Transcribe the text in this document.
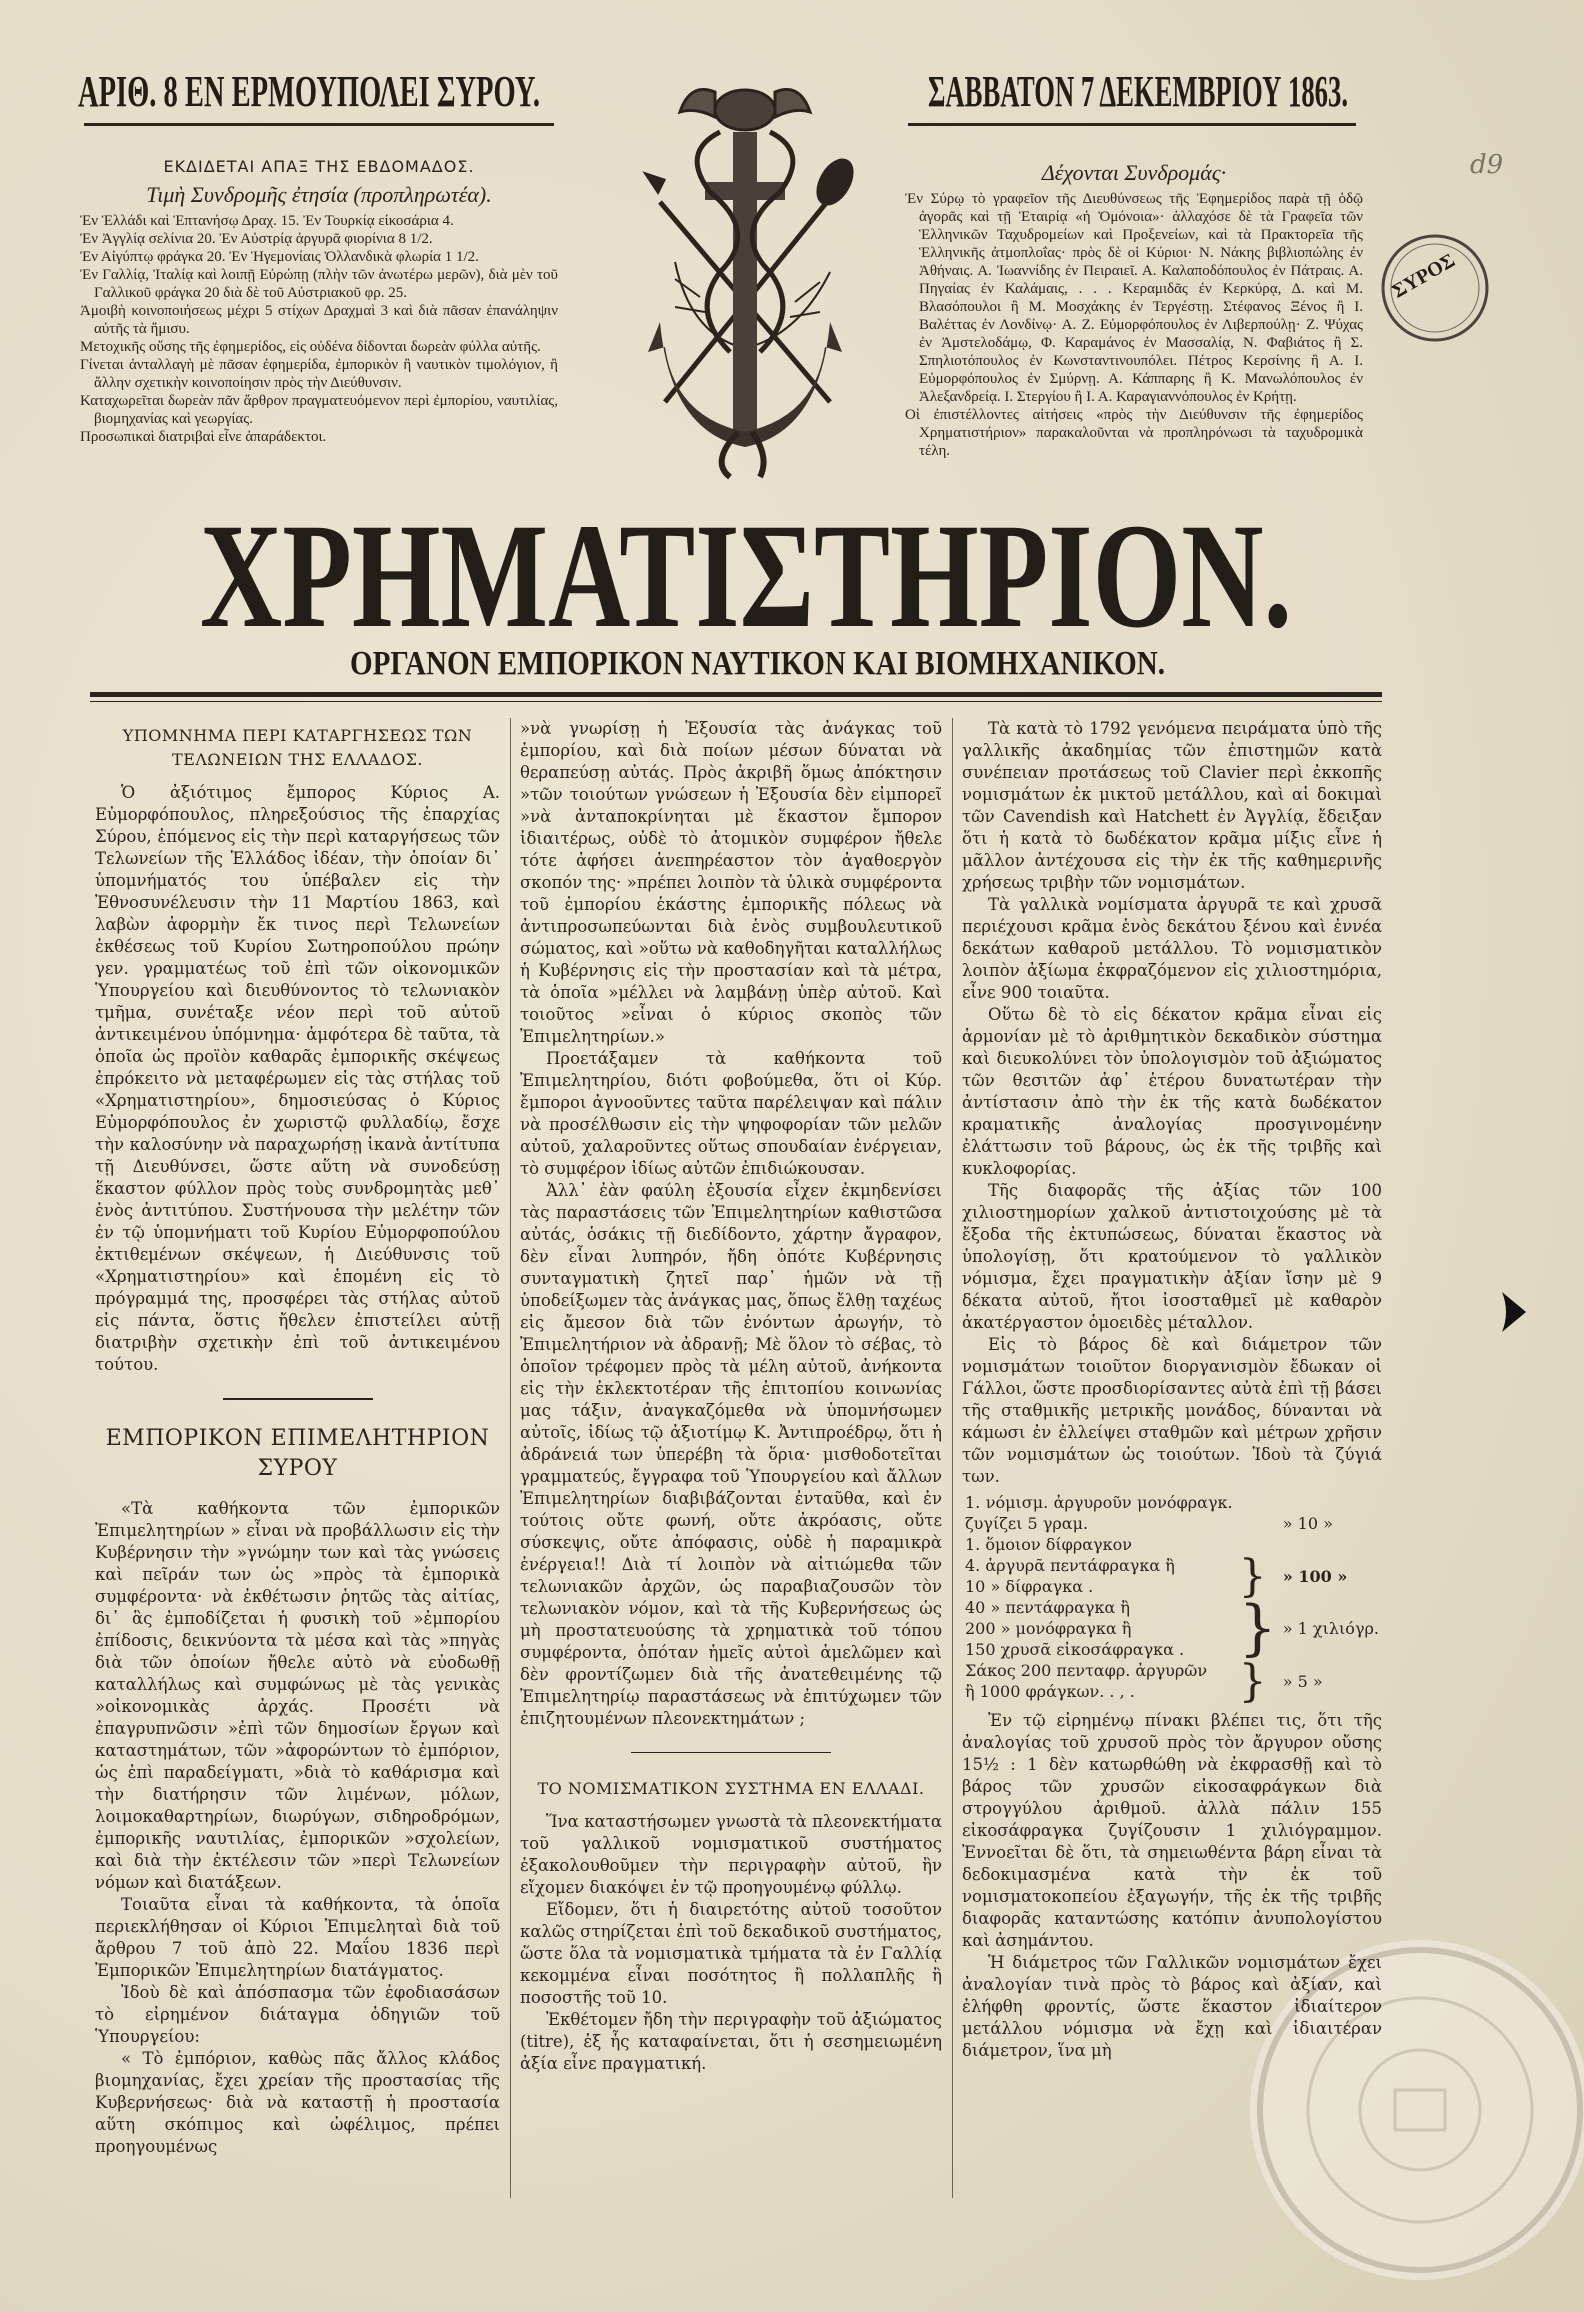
ΑΡΙΘ. 8 ΕΝ ΕΡΜΟΥΠΟΛΕΙ ΣΥΡΟΥ.	ΣΑΒΒΑΤΟΝ 7 ΔΕΚΕΜΒΡΙΟΥ 1863.
d9
ΕΚΔΙΔΕΤΑΙ ΑΠΑΞ ΤΗΣ ΕΒΔΟΜΑΔΟΣ.
Τιμὴ Συνδρομῆς ἐτησία (προπληρωτέα).

Ἐν Ἑλλάδι καὶ Ἑπτανήσῳ Δραχ. 15. Ἐν Τουρκίᾳ εἰκοσάρια 4.

Ἐν Ἀγγλίᾳ σελίνια 20. Ἐν Αὐστρίᾳ ἀργυρᾶ φιορίνια 8 1/2.

Ἐν Αἰγύπτῳ φράγκα 20. Ἐν Ἡγεμονίαις Ὀλλανδικὰ φλωρία 1 1/2.

Ἐν Γαλλίᾳ, Ἰταλίᾳ καὶ λοιπῇ Εὐρώπῃ (πλὴν τῶν ἀνωτέρω μερῶν), διὰ μὲν τοῦ Γαλλικοῦ φράγκα 20 διὰ δὲ τοῦ Αὐστριακοῦ φρ. 25.

Ἀμοιβὴ κοινοποιήσεως μέχρι 5 στίχων Δραχμαὶ 3 καὶ διὰ πᾶσαν ἐπανάληψιν αὐτῆς τὰ ἥμισυ.

Μετοχικῆς οὔσης τῆς ἐφημερίδος, εἰς οὐδένα δίδονται δωρεὰν φύλλα αὐτῆς.

Γίνεται ἀνταλλαγὴ μὲ πᾶσαν ἐφημερίδα, ἐμπορικὸν ἢ ναυτικὸν τιμολόγιον, ἢ ἄλλην σχετικὴν κοινοποίησιν πρὸς τὴν Διεύθυνσιν.

Καταχωρεῖται δωρεὰν πᾶν ἄρθρον πραγματευόμενον περὶ ἐμπορίου, ναυτιλίας, βιομηχανίας καὶ γεωργίας.

Προσωπικαὶ διατριβαὶ εἶνε ἀπαράδεκτοι.

Δέχονται Συνδρομάς·

Ἐν Σύρῳ τὸ γραφεῖον τῆς Διευθύνσεως τῆς Ἐφημερίδος παρὰ τῇ ὁδῷ ἀγορᾶς καὶ τῇ Ἑταιρίᾳ «ἡ Ὁμόνοια»· ἀλλαχόσε δὲ τὰ Γραφεῖα τῶν Ἑλληνικῶν Ταχυδρομείων καὶ Προξενείων, καὶ τὰ Πρακτορεῖα τῆς Ἑλληνικῆς ἀτμοπλοΐας· πρὸς δὲ οἱ Κύριοι· Ν. Νάκης βιβλιοπώλης ἐν Ἀθήναις. Α. Ἰωαννίδης ἐν Πειραιεῖ. Α. Καλαποδόπουλος ἐν Πάτραις. Α. Πηγαίας ἐν Καλάμαις, . . . Κεραμιδᾶς ἐν Κερκύρᾳ, Δ. καὶ Μ. Βλασόπουλοι ἢ Μ. Μοσχάκης ἐν Τεργέστῃ. Στέφανος Ξένος ἢ Ι. Βαλέττας ἐν Λονδίνῳ· Α. Ζ. Εὐμορφόπουλος ἐν Λιβερπούλῃ· Ζ. Ψύχας ἐν Ἀμστελοδάμῳ, Φ. Καραμάνος ἐν Μασσαλίᾳ, Ν. Φαβιάτος ἢ Σ. Σπηλιοτόπουλος ἐν Κωνσταντινουπόλει. Πέτρος Κερσίνης ἢ Α. Ι. Εὐμορφόπουλος ἐν Σμύρνῃ. Α. Κάππαρης ἢ Κ. Μανωλόπουλος ἐν Ἀλεξανδρείᾳ. Ι. Στεργίου ἢ Ι. Α. Καραγιαννόπουλος ἐν Κρήτῃ.

Οἱ ἐπιστέλλοντες αἰτήσεις «πρὸς τὴν Διεύθυνσιν τῆς ἐφημερίδος Χρηματιστήριον» παρακαλοῦνται νὰ προπληρόνωσι τὰ ταχυδρομικὰ τέλη.

ΣΥΡΟΣ
ΧΡΗΜΑΤΙΣΤΗΡΙΟΝ.
ΟΡΓΑΝΟΝ ΕΜΠΟΡΙΚΟΝ ΝΑΥΤΙΚΟΝ ΚΑΙ ΒΙΟΜΗΧΑΝΙΚΟΝ.
ΥΠΟΜΝΗΜΑ ΠΕΡΙ ΚΑΤΑΡΓΗΣΕΩΣ ΤΩΝ ΤΕΛΩΝΕΙΩΝ ΤΗΣ ΕΛΛΑΔΟΣ.

Ὁ ἀξιότιμος ἔμπορος Κύριος Α. Εὐμορφόπουλος, πληρεξούσιος τῆς ἐπαρχίας Σύρου, ἑπόμενος εἰς τὴν περὶ καταργήσεως τῶν Τελωνείων τῆς Ἑλλάδος ἰδέαν, τὴν ὁποίαν δι᾽ ὑπομνήματός του ὑπέβαλεν εἰς τὴν Ἐθνοσυνέλευσιν τὴν 11 Μαρτίου 1863, καὶ λαβὼν ἀφορμὴν ἔκ τινος περὶ Τελωνείων ἐκθέσεως τοῦ Κυρίου Σωτηροπούλου πρώην γεν. γραμματέως τοῦ ἐπὶ τῶν οἰκονομικῶν Ὑπουργείου καὶ διευθύνοντος τὸ τελωνιακὸν τμῆμα, συνέταξε νέον περὶ τοῦ αὐτοῦ ἀντικειμένου ὑπόμνημα· ἀμφότερα δὲ ταῦτα, τὰ ὁποῖα ὡς προϊὸν καθαρᾶς ἐμπορικῆς σκέψεως ἐπρόκειτο νὰ μεταφέρωμεν εἰς τὰς στήλας τοῦ «Χρηματιστηρίου», δημοσιεύσας ὁ Κύριος Εὐμορφόπουλος ἐν χωριστῷ φυλλαδίῳ, ἔσχε τὴν καλοσύνην νὰ παραχωρήσῃ ἱκανὰ ἀντίτυπα τῇ Διευθύνσει, ὥστε αὕτη νὰ συνοδεύσῃ ἕκαστον φύλλον πρὸς τοὺς συνδρομητὰς μεθ᾽ ἑνὸς ἀντιτύπου. Συστήνουσα τὴν μελέτην τῶν ἐν τῷ ὑπομνήματι τοῦ Κυρίου Εὐμορφοπούλου ἐκτιθεμένων σκέψεων, ἡ Διεύθυνσις τοῦ «Χρηματιστηρίου» καὶ ἑπομένη εἰς τὸ πρόγραμμά της, προσφέρει τὰς στήλας αὐτοῦ εἰς πάντα, ὅστις ἤθελεν ἐπιστείλει αὐτῇ διατριβὴν σχετικὴν ἐπὶ τοῦ ἀντικειμένου τούτου.

ΕΜΠΟΡΙΚΟΝ ΕΠΙΜΕΛΗΤΗΡΙΟΝ ΣΥΡΟΥ

«Τὰ καθήκοντα τῶν ἐμπορικῶν Ἐπιμελητηρίων » εἶναι νὰ προβάλλωσιν εἰς τὴν Κυβέρνησιν τὴν »γνώμην των καὶ τὰς γνώσεις καὶ πεῖράν των ὡς »πρὸς τὰ ἐμπορικὰ συμφέροντα· νὰ ἐκθέτωσιν ῥητῶς τὰς αἰτίας, δι᾽ ἃς ἐμποδίζεται ἡ φυσικὴ τοῦ »ἐμπορίου ἐπίδοσις, δεικνύοντα τὰ μέσα καὶ τὰς »πηγὰς διὰ τῶν ὁποίων ἤθελε αὐτὸ νὰ εὐοδωθῇ καταλλήλως καὶ συμφώνως μὲ τὰς γενικὰς »οἰκονομικὰς ἀρχάς. Προσέτι νὰ ἐπαγρυπνῶσιν »ἐπὶ τῶν δημοσίων ἔργων καὶ καταστημάτων, τῶν »ἀφορώντων τὸ ἐμπόριον, ὡς ἐπὶ παραδείγματι, »διὰ τὸ καθάρισμα καὶ τὴν διατήρησιν τῶν λιμένων, μόλων, λοιμοκαθαρτηρίων, διωρύγων, σιδηροδρόμων, ἐμπορικῆς ναυτιλίας, ἐμπορικῶν »σχολείων, καὶ διὰ τὴν ἐκτέλεσιν τῶν »περὶ Τελωνείων νόμων καὶ διατάξεων.

Τοιαῦτα εἶναι τὰ καθήκοντα, τὰ ὁποῖα περιεκλήθησαν οἱ Κύριοι Ἐπιμεληταὶ διὰ τοῦ ἄρθρου 7 τοῦ ἀπὸ 22. Μαΐου 1836 περὶ Ἐμπορικῶν Ἐπιμελητηρίων διατάγματος.

Ἰδοὺ δὲ καὶ ἀπόσπασμα τῶν ἐφοδιασάσων τὸ εἰρημένον διάταγμα ὁδηγιῶν τοῦ Ὑπουργείου:

« Τὸ ἐμπόριον, καθὼς πᾶς ἄλλος κλάδος βιομηχανίας, ἔχει χρείαν τῆς προστασίας τῆς Κυβερνήσεως· διὰ νὰ καταστῇ ἡ προστασία αὕτη σκόπιμος καὶ ὠφέλιμος, πρέπει προηγουμένως

»νὰ γνωρίσῃ ἡ Ἐξουσία τὰς ἀνάγκας τοῦ ἐμπορίου, καὶ διὰ ποίων μέσων δύναται νὰ θεραπεύσῃ αὐτάς. Πρὸς ἀκριβῆ ὅμως ἀπόκτησιν »τῶν τοιούτων γνώσεων ἡ Ἐξουσία δὲν εἰμπορεῖ »νὰ ἀνταποκρίνηται μὲ ἕκαστον ἔμπορον ἰδιαιτέρως, οὐδὲ τὸ ἀτομικὸν συμφέρον ἤθελε τότε ἀφήσει ἀνεπηρέαστον τὸν ἀγαθοεργὸν σκοπόν της· »πρέπει λοιπὸν τὰ ὑλικὰ συμφέροντα τοῦ ἐμπορίου ἑκάστης ἐμπορικῆς πόλεως νὰ ἀντιπροσωπεύωνται διὰ ἑνὸς συμβουλευτικοῦ σώματος, καὶ »οὕτω νὰ καθοδηγῆται καταλλήλως ἡ Κυβέρνησις εἰς τὴν προστασίαν καὶ τὰ μέτρα, τὰ ὁποῖα »μέλλει νὰ λαμβάνῃ ὑπὲρ αὐτοῦ. Καὶ τοιοῦτος »εἶναι ὁ κύριος σκοπὸς τῶν Ἐπιμελητηρίων.»

Προετάξαμεν τὰ καθήκοντα τοῦ Ἐπιμελητηρίου, διότι φοβούμεθα, ὅτι οἱ Κύρ. ἔμποροι ἀγνοοῦντες ταῦτα παρέλειψαν καὶ πάλιν νὰ προσέλθωσιν εἰς τὴν ψηφοφορίαν τῶν μελῶν αὐτοῦ, χαλαροῦντες οὕτως σπουδαίαν ἐνέργειαν, τὸ συμφέρον ἰδίως αὐτῶν ἐπιδιώκουσαν.

Ἀλλ᾽ ἐὰν φαύλη ἐξουσία εἶχεν ἐκμηδενίσει τὰς παραστάσεις τῶν Ἐπιμελητηρίων καθιστῶσα αὐτάς, ὁσάκις τῇ διεδίδοντο, χάρτην ἄγραφον, δὲν εἶναι λυπηρόν, ἤδη ὁπότε Κυβέρνησις συνταγματικὴ ζητεῖ παρ᾽ ἡμῶν νὰ τῇ ὑποδείξωμεν τὰς ἀνάγκας μας, ὅπως ἔλθῃ ταχέως εἰς ἄμεσον διὰ τῶν ἐνόντων ἀρωγήν, τὸ Ἐπιμελητήριον νὰ ἀδρανῇ; Μὲ ὅλον τὸ σέβας, τὸ ὁποῖον τρέφομεν πρὸς τὰ μέλη αὐτοῦ, ἀνήκοντα εἰς τὴν ἐκλεκτοτέραν τῆς ἐπιτοπίου κοινωνίας μας τάξιν, ἀναγκαζόμεθα νὰ ὑπομνήσωμεν αὐτοῖς, ἰδίως τῷ ἀξιοτίμῳ Κ. Ἀντιπροέδρῳ, ὅτι ἡ ἀδράνειά των ὑπερέβη τὰ ὅρια· μισθοδοτεῖται γραμματεύς, ἔγγραφα τοῦ Ὑπουργείου καὶ ἄλλων Ἐπιμελητηρίων διαβιβάζονται ἐνταῦθα, καὶ ἐν τούτοις οὔτε φωνή, οὔτε ἀκρόασις, οὔτε σύσκεψις, οὔτε ἀπόφασις, οὐδὲ ἡ παραμικρὰ ἐνέργεια!! Διὰ τί λοιπὸν νὰ αἰτιώμεθα τῶν τελωνιακῶν ἀρχῶν, ὡς παραβιαζουσῶν τὸν τελωνιακὸν νόμον, καὶ τὰ τῆς Κυβερνήσεως ὡς μὴ προστατευούσης τὰ χρηματικὰ τοῦ τόπου συμφέροντα, ὁπόταν ἡμεῖς αὐτοὶ ἀμελῶμεν καὶ δὲν φροντίζωμεν διὰ τῆς ἀνατεθειμένης τῷ Ἐπιμελητηρίῳ παραστάσεως νὰ ἐπιτύχωμεν τῶν ἐπιζητουμένων πλεονεκτημάτων ;

ΤΟ ΝΟΜΙΣΜΑΤΙΚΟΝ ΣΥΣΤΗΜΑ ΕΝ ΕΛΛΑΔΙ.

Ἵνα καταστήσωμεν γνωστὰ τὰ πλεονεκτήματα τοῦ γαλλικοῦ νομισματικοῦ συστήματος ἐξακολουθοῦμεν τὴν περιγραφὴν αὐτοῦ, ἣν εἴχομεν διακόψει ἐν τῷ προηγουμένῳ φύλλῳ.

Εἴδομεν, ὅτι ἡ διαιρετότης αὐτοῦ τοσοῦτον καλῶς στηρίζεται ἐπὶ τοῦ δεκαδικοῦ συστήματος, ὥστε ὅλα τὰ νομισματικὰ τμήματα τὰ ἐν Γαλλίᾳ κεκομμένα εἶναι ποσότητος ἢ πολλαπλῆς ἢ ποσοστῆς τοῦ 10.

Ἐκθέτομεν ἤδη τὴν περιγραφὴν τοῦ ἀξιώματος (titre), ἐξ ἧς καταφαίνεται, ὅτι ἡ σεσημειωμένη ἀξία εἶνε πραγματική.

Τὰ κατὰ τὸ 1792 γενόμενα πειράματα ὑπὸ τῆς γαλλικῆς ἀκαδημίας τῶν ἐπιστημῶν κατὰ συνέπειαν προτάσεως τοῦ Clavier περὶ ἐκκοπῆς νομισμάτων ἐκ μικτοῦ μετάλλου, καὶ αἱ δοκιμαὶ τῶν Cavendish καὶ Hatchett ἐν Ἀγγλίᾳ, ἔδειξαν ὅτι ἡ κατὰ τὸ δωδέκατον κρᾶμα μίξις εἶνε ἡ μᾶλλον ἀντέχουσα εἰς τὴν ἐκ τῆς καθημερινῆς χρήσεως τριβὴν τῶν νομισμάτων.

Τὰ γαλλικὰ νομίσματα ἀργυρᾶ τε καὶ χρυσᾶ περιέχουσι κρᾶμα ἑνὸς δεκάτου ξένου καὶ ἐννέα δεκάτων καθαροῦ μετάλλου. Τὸ νομισματικὸν λοιπὸν ἀξίωμα ἐκφραζόμενον εἰς χιλιοστημόρια, εἶνε 900 τοιαῦτα.

Οὕτω δὲ τὸ εἰς δέκατον κρᾶμα εἶναι εἰς ἁρμονίαν μὲ τὸ ἀριθμητικὸν δεκαδικὸν σύστημα καὶ διευκολύνει τὸν ὑπολογισμὸν τοῦ ἀξιώματος τῶν θεσιτῶν ἀφ᾽ ἑτέρου δυνατωτέραν τὴν ἀντίστασιν ἀπὸ τὴν ἐκ τῆς κατὰ δωδέκατον κραματικῆς ἀναλογίας προσγινομένην ἐλάττωσιν τοῦ βάρους, ὡς ἐκ τῆς τριβῆς καὶ κυκλοφορίας.

Τῆς διαφορᾶς τῆς ἀξίας τῶν 100 χιλιοστημορίων χαλκοῦ ἀντιστοιχούσης μὲ τὰ ἔξοδα τῆς ἐκτυπώσεως, δύναται ἕκαστος νὰ ὑπολογίσῃ, ὅτι κρατούμενον τὸ γαλλικὸν νόμισμα, ἔχει πραγματικὴν ἀξίαν ἴσην μὲ 9 δέκατα αὐτοῦ, ἤτοι ἰσοσταθμεῖ μὲ καθαρὸν ἀκατέργαστον ὁμοειδὲς μέταλλον.

Εἰς τὸ βάρος δὲ καὶ διάμετρον τῶν νομισμάτων τοιοῦτον διοργανισμὸν ἔδωκαν οἱ Γάλλοι, ὥστε προσδιορίσαντες αὐτὰ ἐπὶ τῇ βάσει τῆς σταθμικῆς μετρικῆς μονάδος, δύνανται νὰ κάμωσι ἐν ἐλλείψει σταθμῶν καὶ μέτρων χρῆσιν τῶν νομισμάτων ὡς τοιούτων. Ἰδοὺ τὰ ζύγιά των.

1. νόμισμ. ἀργυροῦν μονόφραγκ. ζυγίζει 5 γραμ.
1. ὅμοιον δίφραγκον		» 10 »

4. ἀργυρᾶ πεντάφραγκα ἢ
10 » δίφραγκα .	}	» 100 »

40 » πεντάφραγκα ἢ
200 » μονόφραγκα ἢ
150 χρυσᾶ εἰκοσάφραγκα .	}	» 1 χιλιόγρ.

Σάκος 200 πενταφρ. ἀργυρῶν
ἢ 1000 φράγκων. . , .	}	» 5 »

Ἐν τῷ εἰρημένῳ πίνακι βλέπει τις, ὅτι τῆς ἀναλογίας τοῦ χρυσοῦ πρὸς τὸν ἄργυρον οὔσης 15½ : 1 δὲν κατωρθώθη νὰ ἐκφρασθῇ καὶ τὸ βάρος τῶν χρυσῶν εἰκοσαφράγκων διὰ στρογγύλου ἀριθμοῦ. ἀλλὰ πάλιν 155 εἰκοσάφραγκα ζυγίζουσιν 1 χιλιόγραμμον. Ἐννοεῖται δὲ ὅτι, τὰ σημειωθέντα βάρη εἶναι τὰ δεδοκιμασμένα κατὰ τὴν ἐκ τοῦ νομισματοκοπείου ἐξαγωγήν, τῆς ἐκ τῆς τριβῆς διαφορᾶς καταντώσης κατόπιν ἀνυπολογίστου καὶ ἀσημάντου.

Ἡ διάμετρος τῶν Γαλλικῶν νομισμάτων ἔχει ἀναλογίαν τινὰ πρὸς τὸ βάρος καὶ ἀξίαν, καὶ ἐλήφθη φροντίς, ὥστε ἕκαστον ἰδιαίτερον μετάλλου νόμισμα νὰ ἔχῃ καὶ ἰδιαιτέραν διάμετρον, ἵνα μὴ
